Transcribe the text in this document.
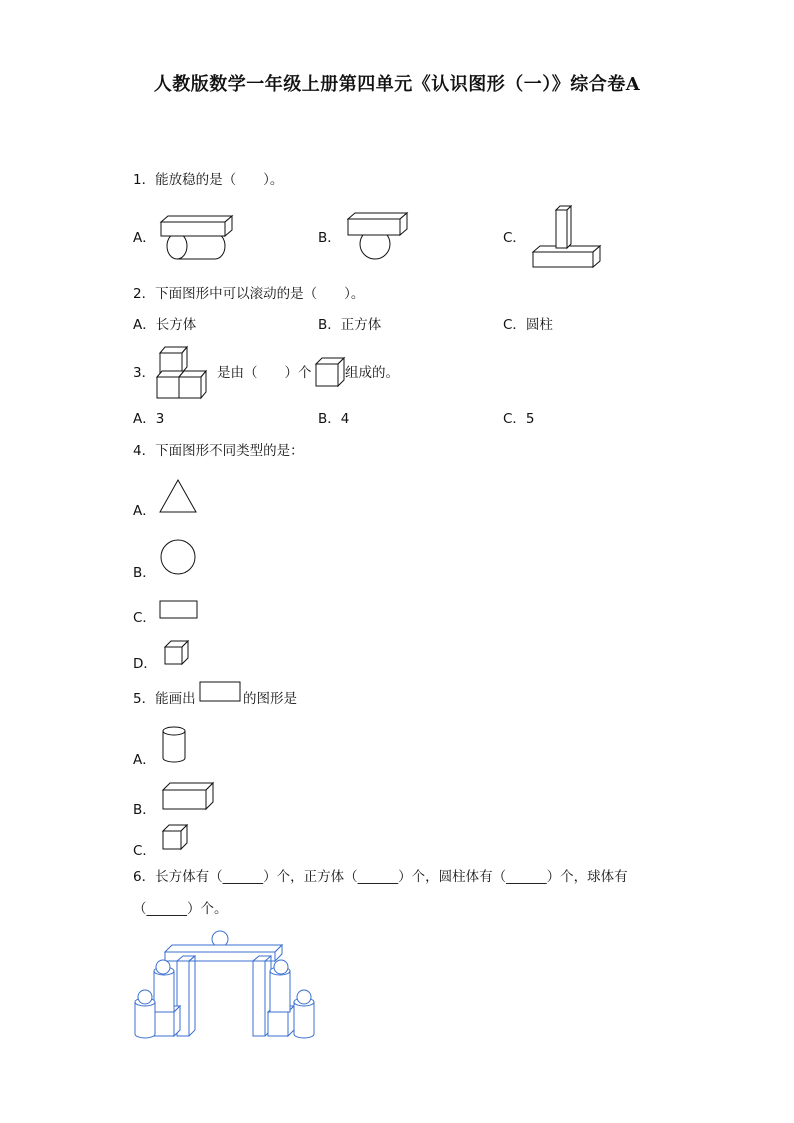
人教版数学一年级上册第四单元《认识图形（一）》综合卷A
1．能放稳的是（　　）。
A．	B．	C．
2．下面图形中可以滚动的是（　　）。
A．长方体	B．正方体	C．圆柱
3．	是由（　　）个 组成的。
A．3	B．4	C．5
4．下面图形不同类型的是：
A．
B．
C．
D．
5．能画出	的图形是
A．
B．
C．
6．长方体有（______）个，正方体（______）个，圆柱体有（______）个，球体有
（______）个。
